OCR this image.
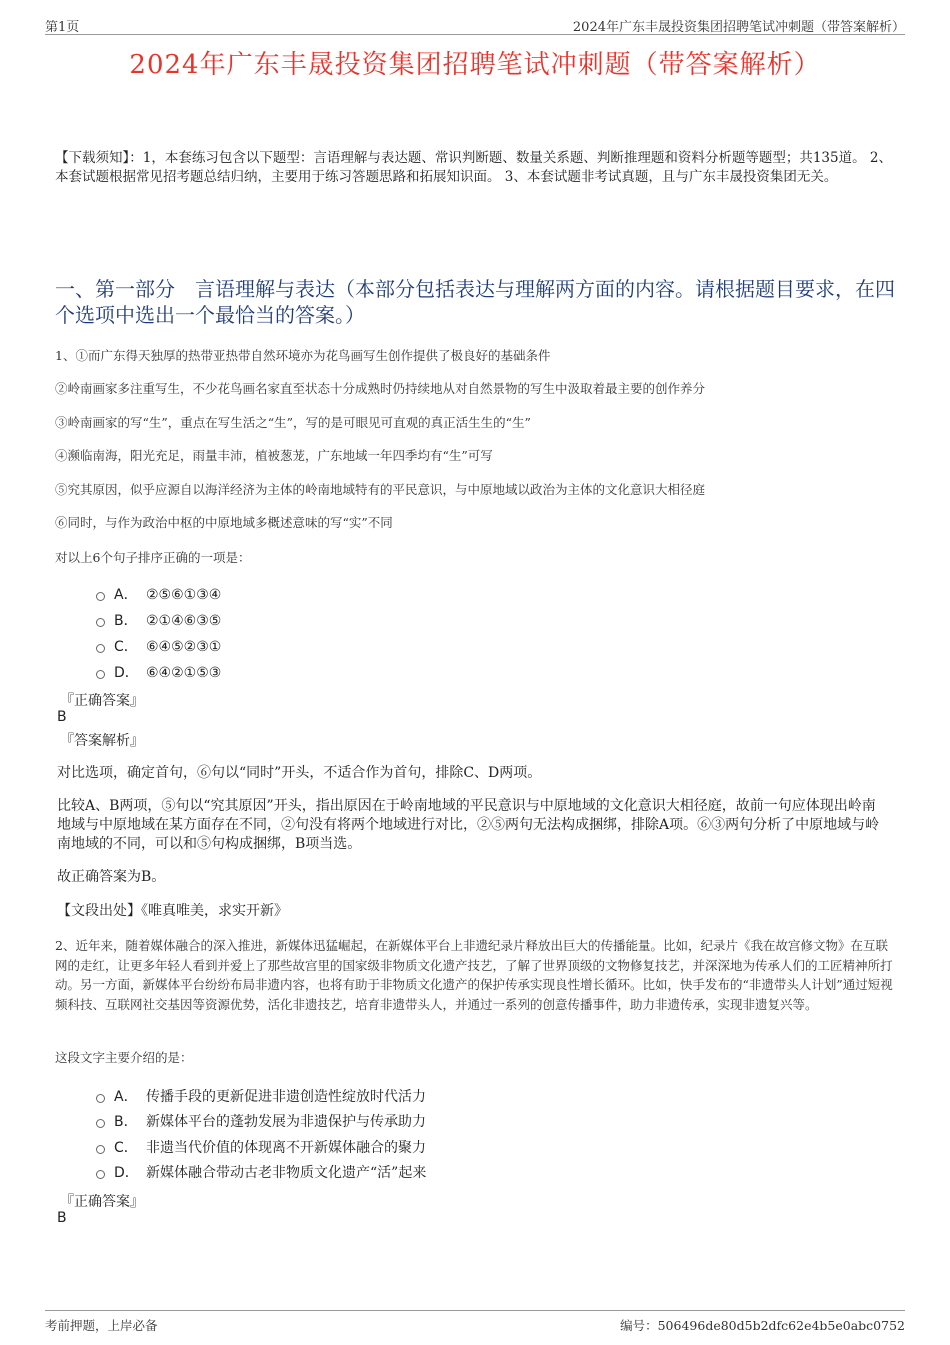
第1页	2024年广东丰晟投资集团招聘笔试冲刺题（带答案解析）
2024年广东丰晟投资集团招聘笔试冲刺题（带答案解析）
【下载须知】：1，本套练习包含以下题型：言语理解与表达题、常识判断题、数量关系题、判断推理题和资料分析题等题型；共135道。 2、本套试题根据常见招考题总结归纳，主要用于练习答题思路和拓展知识面。 3、本套试题非考试真题，且与广东丰晟投资集团无关。
一、第一部分　言语理解与表达（本部分包括表达与理解两方面的内容。请根据题目要求，在四个选项中选出一个最恰当的答案。）
1、①而广东得天独厚的热带亚热带自然环境亦为花鸟画写生创作提供了极良好的基础条件
②岭南画家多注重写生，不少花鸟画名家直至状态十分成熟时仍持续地从对自然景物的写生中汲取着最主要的创作养分
③岭南画家的写“生”，重点在写生活之“生”，写的是可眼见可直观的真正活生生的“生”
④濒临南海，阳光充足，雨量丰沛，植被葱茏，广东地域一年四季均有“生”可写
⑤究其原因，似乎应源自以海洋经济为主体的岭南地域特有的平民意识，与中原地域以政治为主体的文化意识大相径庭
⑥同时，与作为政治中枢的中原地域多概述意味的写“实”不同
对以上6个句子排序正确的一项是：
A． ②⑤⑥①③④
B． ②①④⑥③⑤
C． ⑥④⑤②③①
D． ⑥④②①⑤③
『正确答案』
B
『答案解析』
对比选项，确定首句，⑥句以“同时”开头，不适合作为首句，排除C、D两项。
比较A、B两项，⑤句以“究其原因”开头，指出原因在于岭南地域的平民意识与中原地域的文化意识大相径庭，故前一句应体现出岭南地域与中原地域在某方面存在不同，②句没有将两个地域进行对比，②⑤两句无法构成捆绑，排除A项。⑥③两句分析了中原地域与岭南地域的不同，可以和⑤句构成捆绑，B项当选。
故正确答案为B。
【文段出处】《唯真唯美，求实开新》
2、近年来，随着媒体融合的深入推进，新媒体迅猛崛起，在新媒体平台上非遗纪录片释放出巨大的传播能量。比如，纪录片《我在故宫修文物》在互联网的走红，让更多年轻人看到并爱上了那些故宫里的国家级非物质文化遗产技艺，了解了世界顶级的文物修复技艺，并深深地为传承人们的工匠精神所打动。另一方面，新媒体平台纷纷布局非遗内容，也将有助于非物质文化遗产的保护传承实现良性增长循环。比如，快手发布的“非遗带头人计划”通过短视频科技、互联网社交基因等资源优势，活化非遗技艺，培育非遗带头人，并通过一系列的创意传播事件，助力非遗传承，实现非遗复兴等。
这段文字主要介绍的是：
A． 传播手段的更新促进非遗创造性绽放时代活力
B． 新媒体平台的蓬勃发展为非遗保护与传承助力
C． 非遗当代价值的体现离不开新媒体融合的聚力
D． 新媒体融合带动古老非物质文化遗产“活”起来
『正确答案』
B
考前押题，上岸必备	编号：506496de80d5b2dfc62e4b5e0abc0752
